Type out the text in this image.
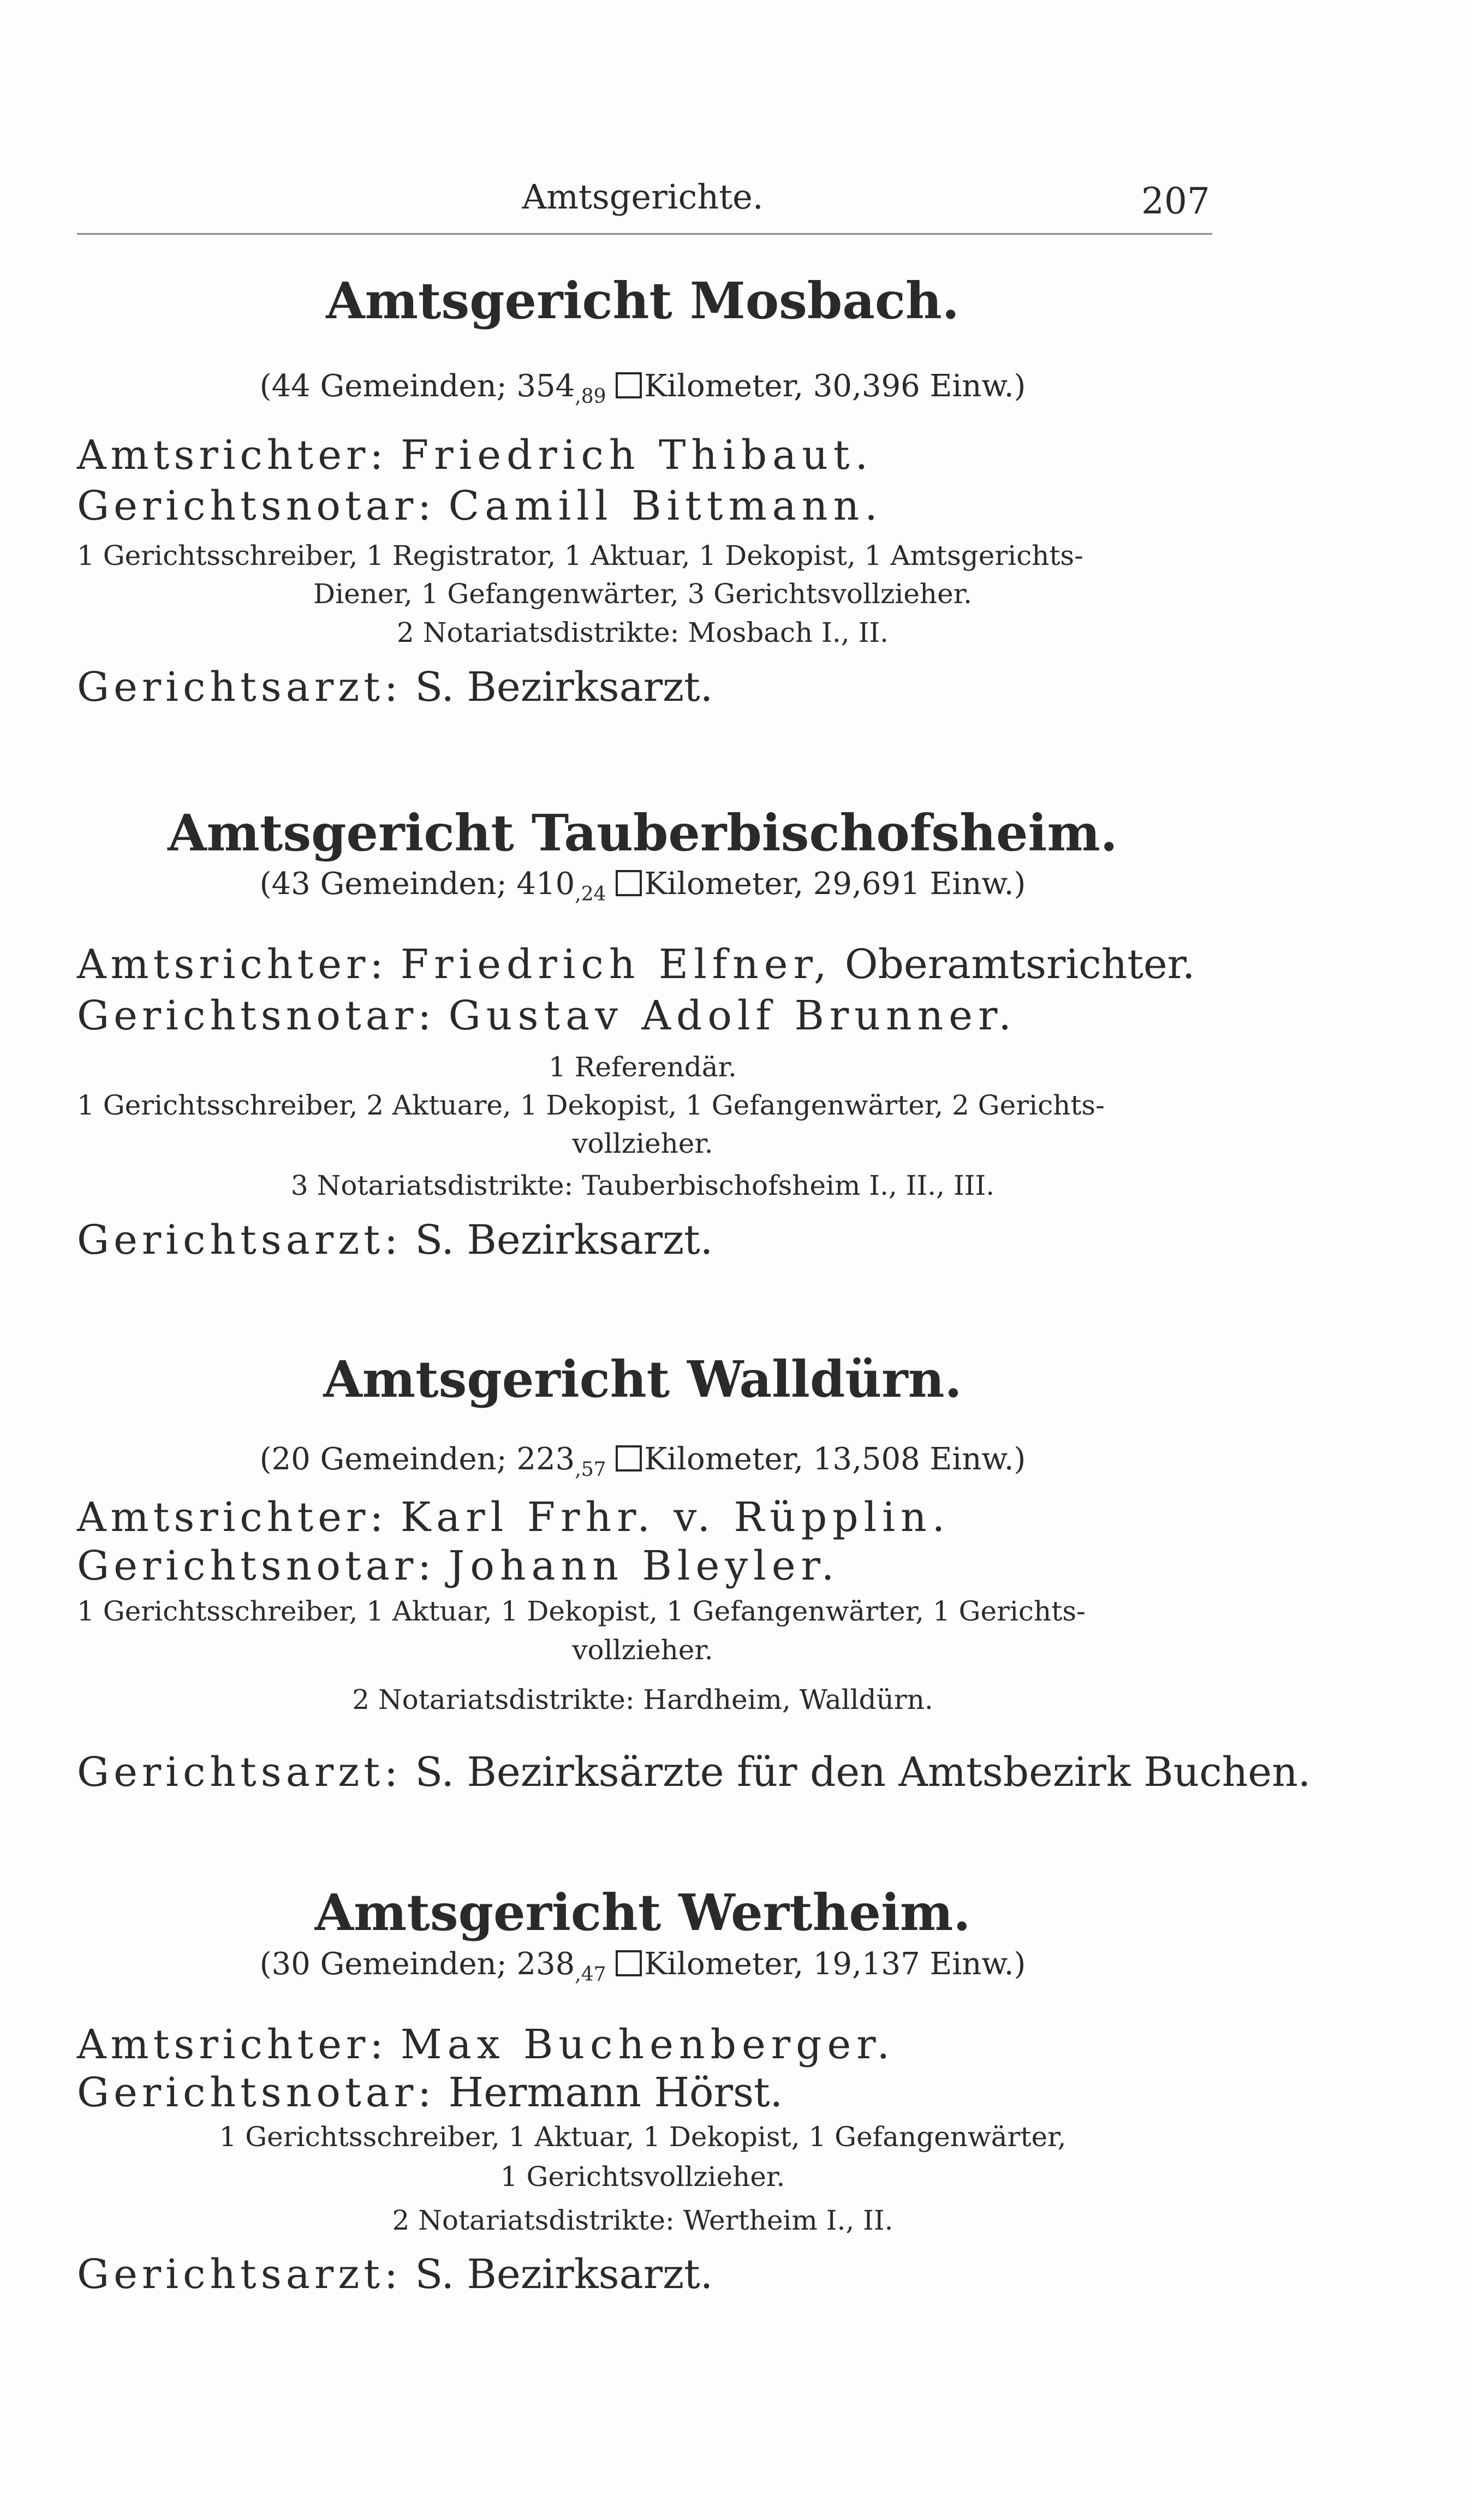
Amtsgerichte.	207
Amtsgericht Mosbach.
(44 Gemeinden; $354_{,89}$ Kilometer, 30,396 Einw.)
Amtsrichter: Friedrich Thibaut.
Gerichtsnotar: Camill Bittmann.
1 Gerichtsschreiber, 1 Registrator, 1 Aktuar, 1 Dekopist, 1 Amtsgerichts-
Diener, 1 Gefangenwärter, 3 Gerichtsvollzieher.
2 Notariatsdistrikte: Mosbach I., II.
Gerichtsarzt: S. Bezirksarzt.
Amtsgericht Tauberbischofsheim.
(43 Gemeinden; $410_{,24}$ Kilometer, 29,691 Einw.)
Amtsrichter: Friedrich Elfner, Oberamtsrichter.
Gerichtsnotar: Gustav Adolf Brunner.
1 Referendär.
1 Gerichtsschreiber, 2 Aktuare, 1 Dekopist, 1 Gefangenwärter, 2 Gerichts-
vollzieher.
3 Notariatsdistrikte: Tauberbischofsheim I., II., III.
Gerichtsarzt: S. Bezirksarzt.
Amtsgericht Walldürn.
(20 Gemeinden; $223_{,57}$ Kilometer, 13,508 Einw.)
Amtsrichter: Karl Frhr. v. Rüpplin.
Gerichtsnotar: Johann Bleyler.
1 Gerichtsschreiber, 1 Aktuar, 1 Dekopist, 1 Gefangenwärter, 1 Gerichts-
vollzieher.
2 Notariatsdistrikte: Hardheim, Walldürn.
Gerichtsarzt: S. Bezirksärzte für den Amtsbezirk Buchen.
Amtsgericht Wertheim.
(30 Gemeinden; $238_{,47}$ Kilometer, 19,137 Einw.)
Amtsrichter: Max Buchenberger.
Gerichtsnotar: Hermann Hörst.
1 Gerichtsschreiber, 1 Aktuar, 1 Dekopist, 1 Gefangenwärter,
1 Gerichtsvollzieher.
2 Notariatsdistrikte: Wertheim I., II.
Gerichtsarzt: S. Bezirksarzt.
